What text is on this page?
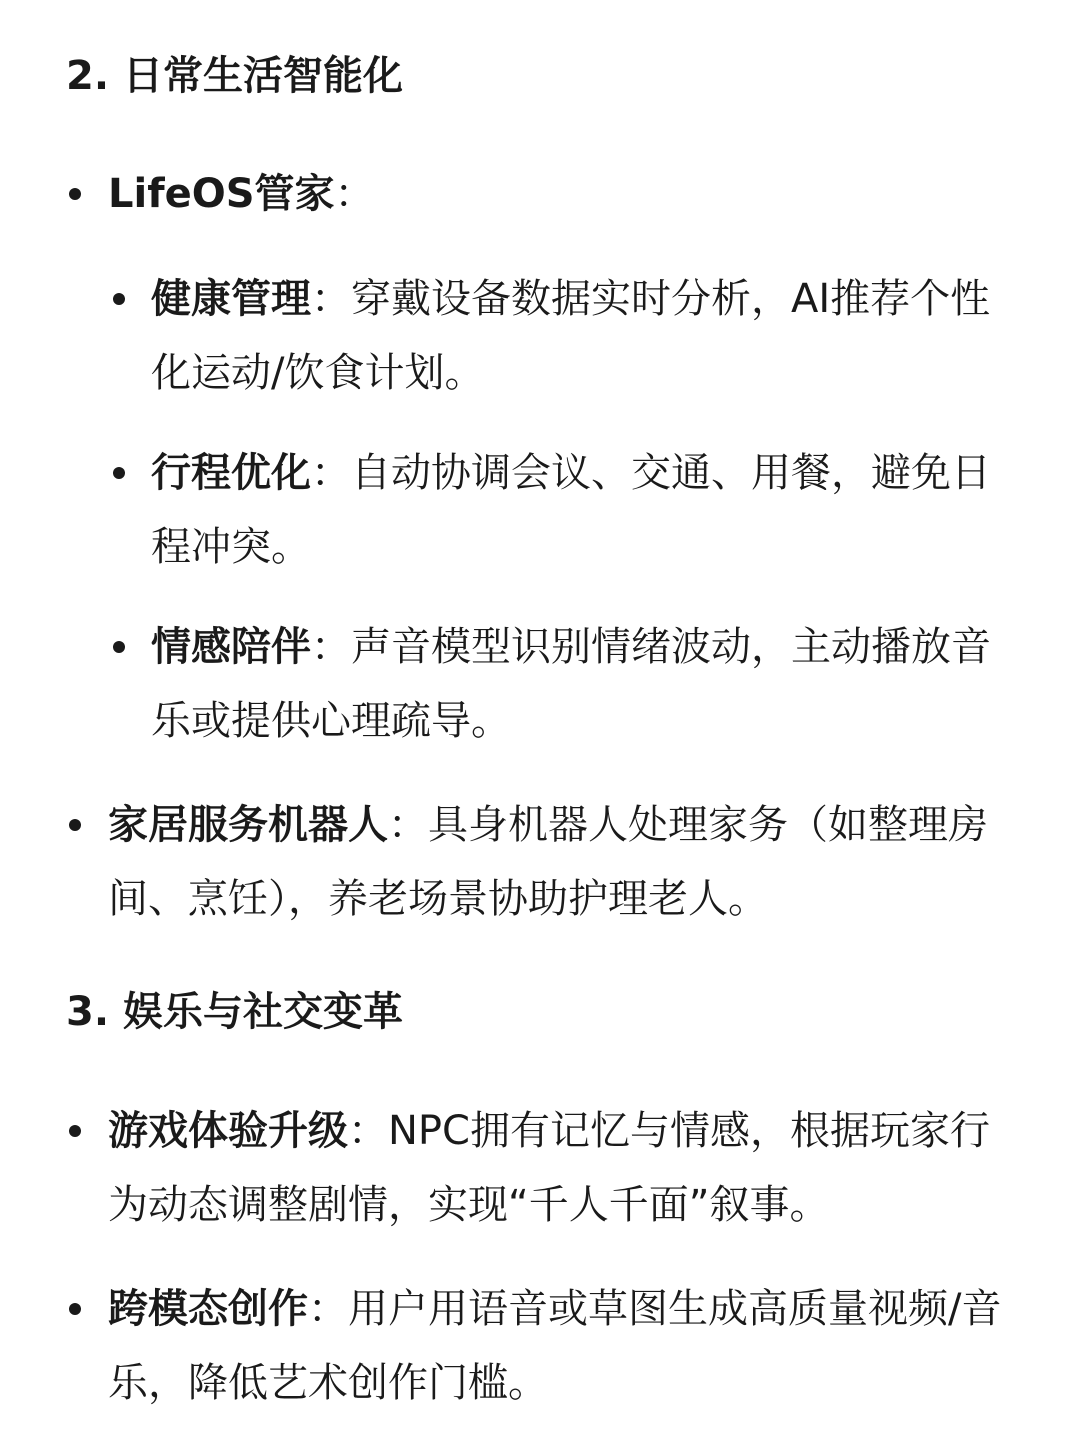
2. 日常生活智能化
LifeOS管家：
健康管理：穿戴设备数据实时分析，AI推荐个性化运动/饮食计划。
行程优化：自动协调会议、交通、用餐，避免日程冲突。
情感陪伴：声音模型识别情绪波动，主动播放音乐或提供心理疏导。
家居服务机器人：具身机器人处理家务（如整理房间、烹饪），养老场景协助护理老人。
3. 娱乐与社交变革
游戏体验升级：NPC拥有记忆与情感，根据玩家行为动态调整剧情，实现“千人千面”叙事。
跨模态创作：用户用语音或草图生成高质量视频/音乐，降低艺术创作门槛。
